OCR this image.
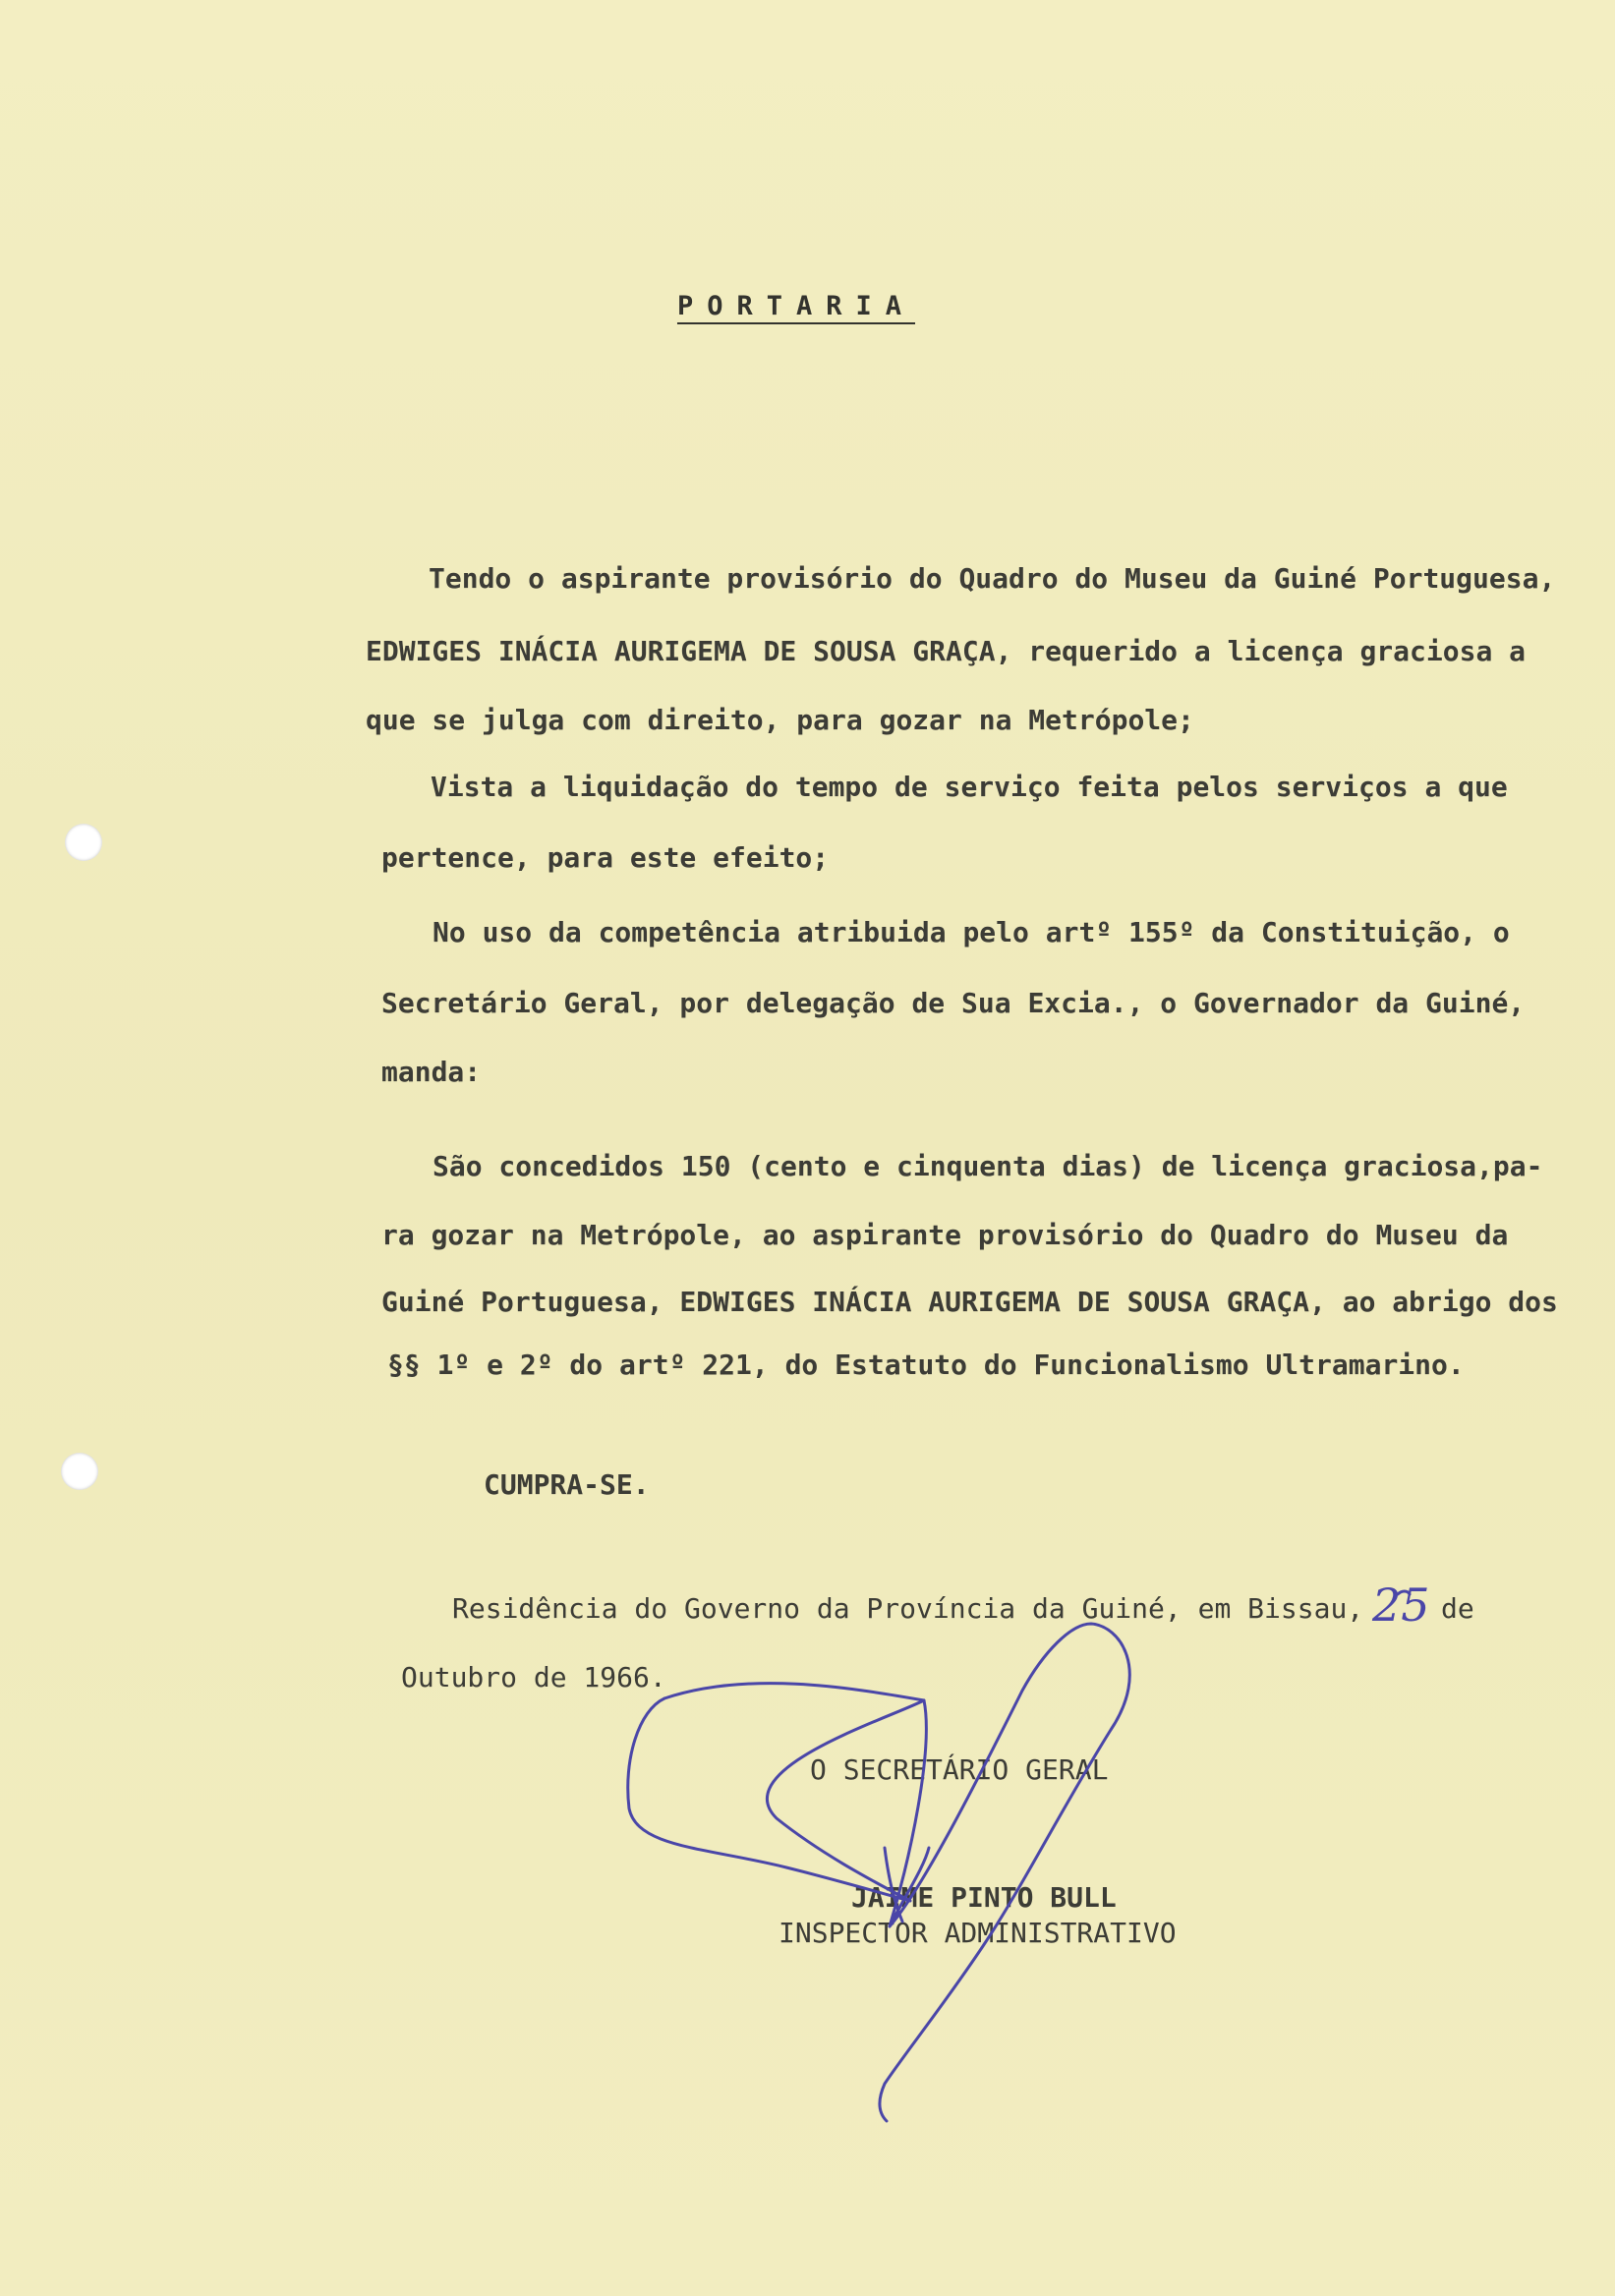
PORTARIA
Tendo o aspirante provisório do Quadro do Museu da Guiné Portuguesa,
EDWIGES INÁCIA AURIGEMA DE SOUSA GRAÇA, requerido a licença graciosa a
que se julga com direito, para gozar na Metrópole;
Vista a liquidação do tempo de serviço feita pelos serviços a que
pertence, para este efeito;
No uso da competência atribuida pelo artº 155º da Constituição, o
Secretário Geral, por delegação de Sua Excia., o Governador da Guiné,
manda:
São concedidos 150 (cento e cinquenta dias) de licença graciosa,pa-
ra gozar na Metrópole, ao aspirante provisório do Quadro do Museu da
Guiné Portuguesa, EDWIGES INÁCIA AURIGEMA DE SOUSA GRAÇA, ao abrigo dos
§§ 1º e 2º do artº 221, do Estatuto do Funcionalismo Ultramarino.
CUMPRA-SE.
Residência do Governo da Província da Guiné, em Bissau, 25 de
Outubro de 1966.
O SECRETÁRIO GERAL
JAIME PINTO BULL
INSPECTOR ADMINISTRATIVO
